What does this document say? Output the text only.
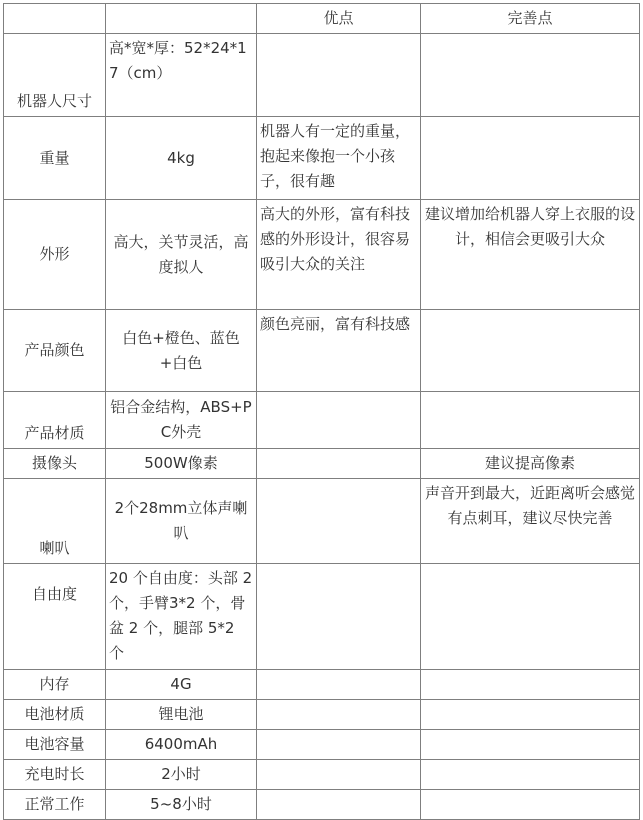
		优点	完善点
机器人尺寸	高*宽*厚：52*24*17（cm）		
重量	4kg	机器人有一定的重量，抱起来像抱一个小孩子，很有趣	
外形	高大，关节灵活，高度拟人	高大的外形，富有科技感的外形设计，很容易吸引大众的关注	建议增加给机器人穿上衣服的设计，相信会更吸引大众
产品颜色	白色+橙色、蓝色+白色	颜色亮丽，富有科技感	
产品材质	铝合金结构，ABS+PC外壳		
摄像头	500W像素		建议提高像素
喇叭	2个28mm立体声喇叭		声音开到最大，近距离听会感觉有点刺耳，建议尽快完善
自由度	20 个自由度：头部 2 个，手臂3*2 个，骨盆 2 个，腿部 5*2 个		
内存	4G		
电池材质	锂电池		
电池容量	6400mAh		
充电时长	2小时		
正常工作	5~8小时		
